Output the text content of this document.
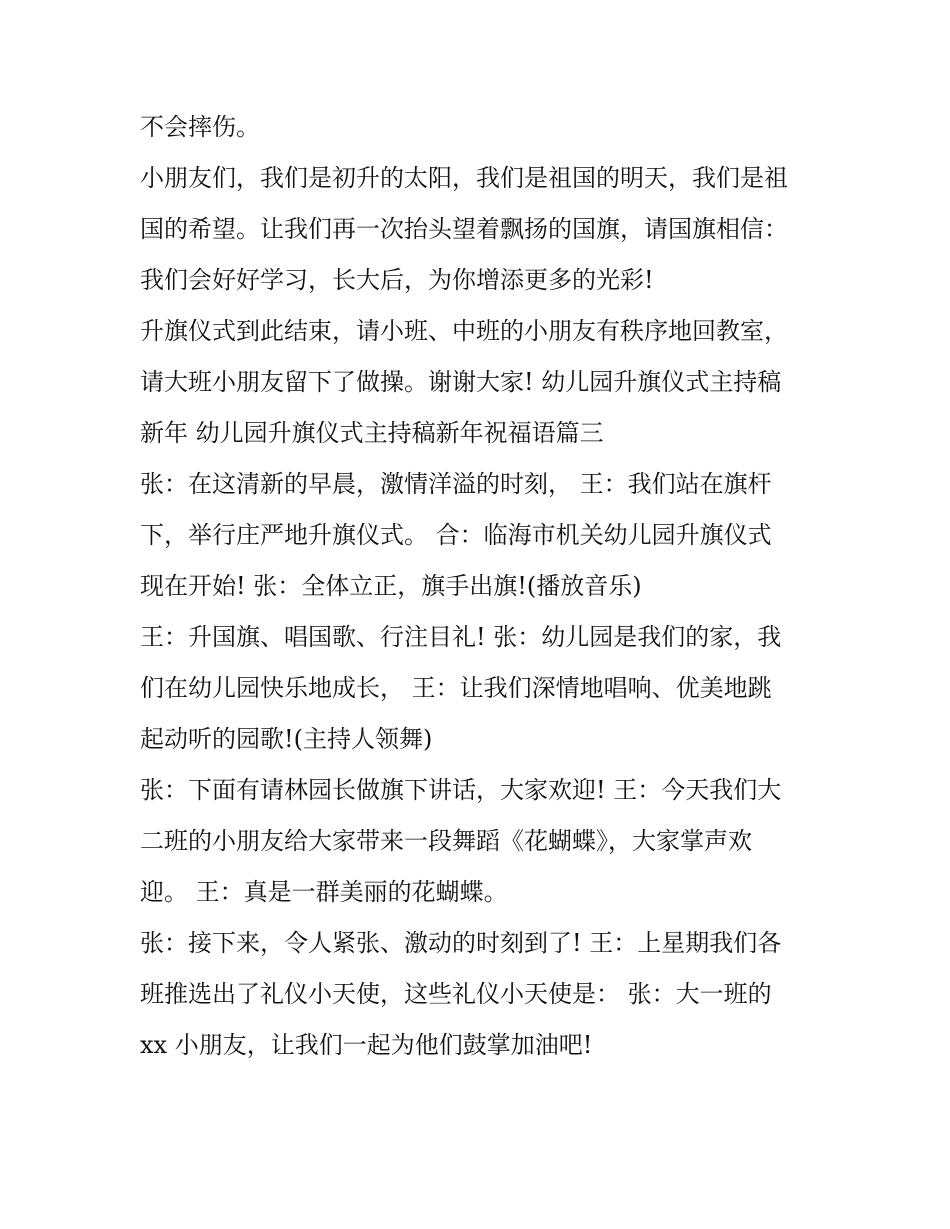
不会摔伤。
小朋友们，我们是初升的太阳，我们是祖国的明天，我们是祖
国的希望。让我们再一次抬头望着飘扬的国旗，请国旗相信：
我们会好好学习，长大后，为你增添更多的光彩!
升旗仪式到此结束，请小班、中班的小朋友有秩序地回教室，
请大班小朋友留下了做操。谢谢大家! 幼儿园升旗仪式主持稿
新年 幼儿园升旗仪式主持稿新年祝福语篇三
张：在这清新的早晨，激情洋溢的时刻， 王：我们站在旗杆
下，举行庄严地升旗仪式。 合：临海市机关幼儿园升旗仪式
现在开始! 张：全体立正，旗手出旗!(播放音乐)
王：升国旗、唱国歌、行注目礼! 张：幼儿园是我们的家，我
们在幼儿园快乐地成长， 王：让我们深情地唱响、优美地跳
起动听的园歌!(主持人领舞)
张：下面有请林园长做旗下讲话，大家欢迎! 王：今天我们大
二班的小朋友给大家带来一段舞蹈《花蝴蝶》，大家掌声欢
迎。 王：真是一群美丽的花蝴蝶。
张：接下来，令人紧张、激动的时刻到了! 王：上星期我们各
班推选出了礼仪小天使，这些礼仪小天使是： 张：大一班的
xx 小朋友，让我们一起为他们鼓掌加油吧!
